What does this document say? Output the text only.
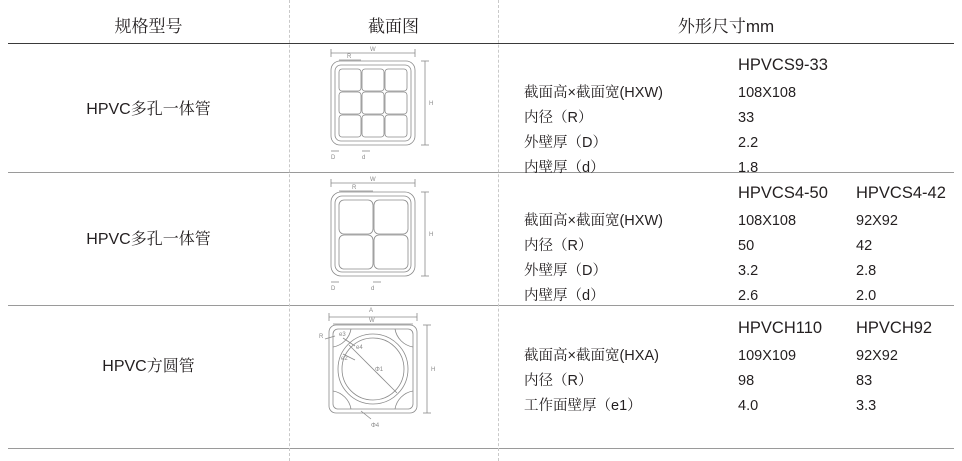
规格型号	截面图	外形尺寸mm
HPVC多孔一体管
W
R
H
D	d
HPVCS9-33
截面高×截面宽(HXW)	108X108
内径（R）	33
外壁厚（D）	2.2
内壁厚（d）	1.8
HPVC多孔一体管
W
R
H
D	d
HPVCS4-50	HPVCS4-42
截面高×截面宽(HXW)	108X108	92X92
内径（R）	50	42
外壁厚（D）	3.2	2.8
内壁厚（d）	2.6	2.0
HPVC方圆管
A
W
R
H
e3
e4
e2
Φ1
Φ4
HPVCH110	HPVCH92
截面高×截面宽(HXA)	109X109	92X92
内径（R）	98	83
工作面壁厚（e1）	4.0	3.3
